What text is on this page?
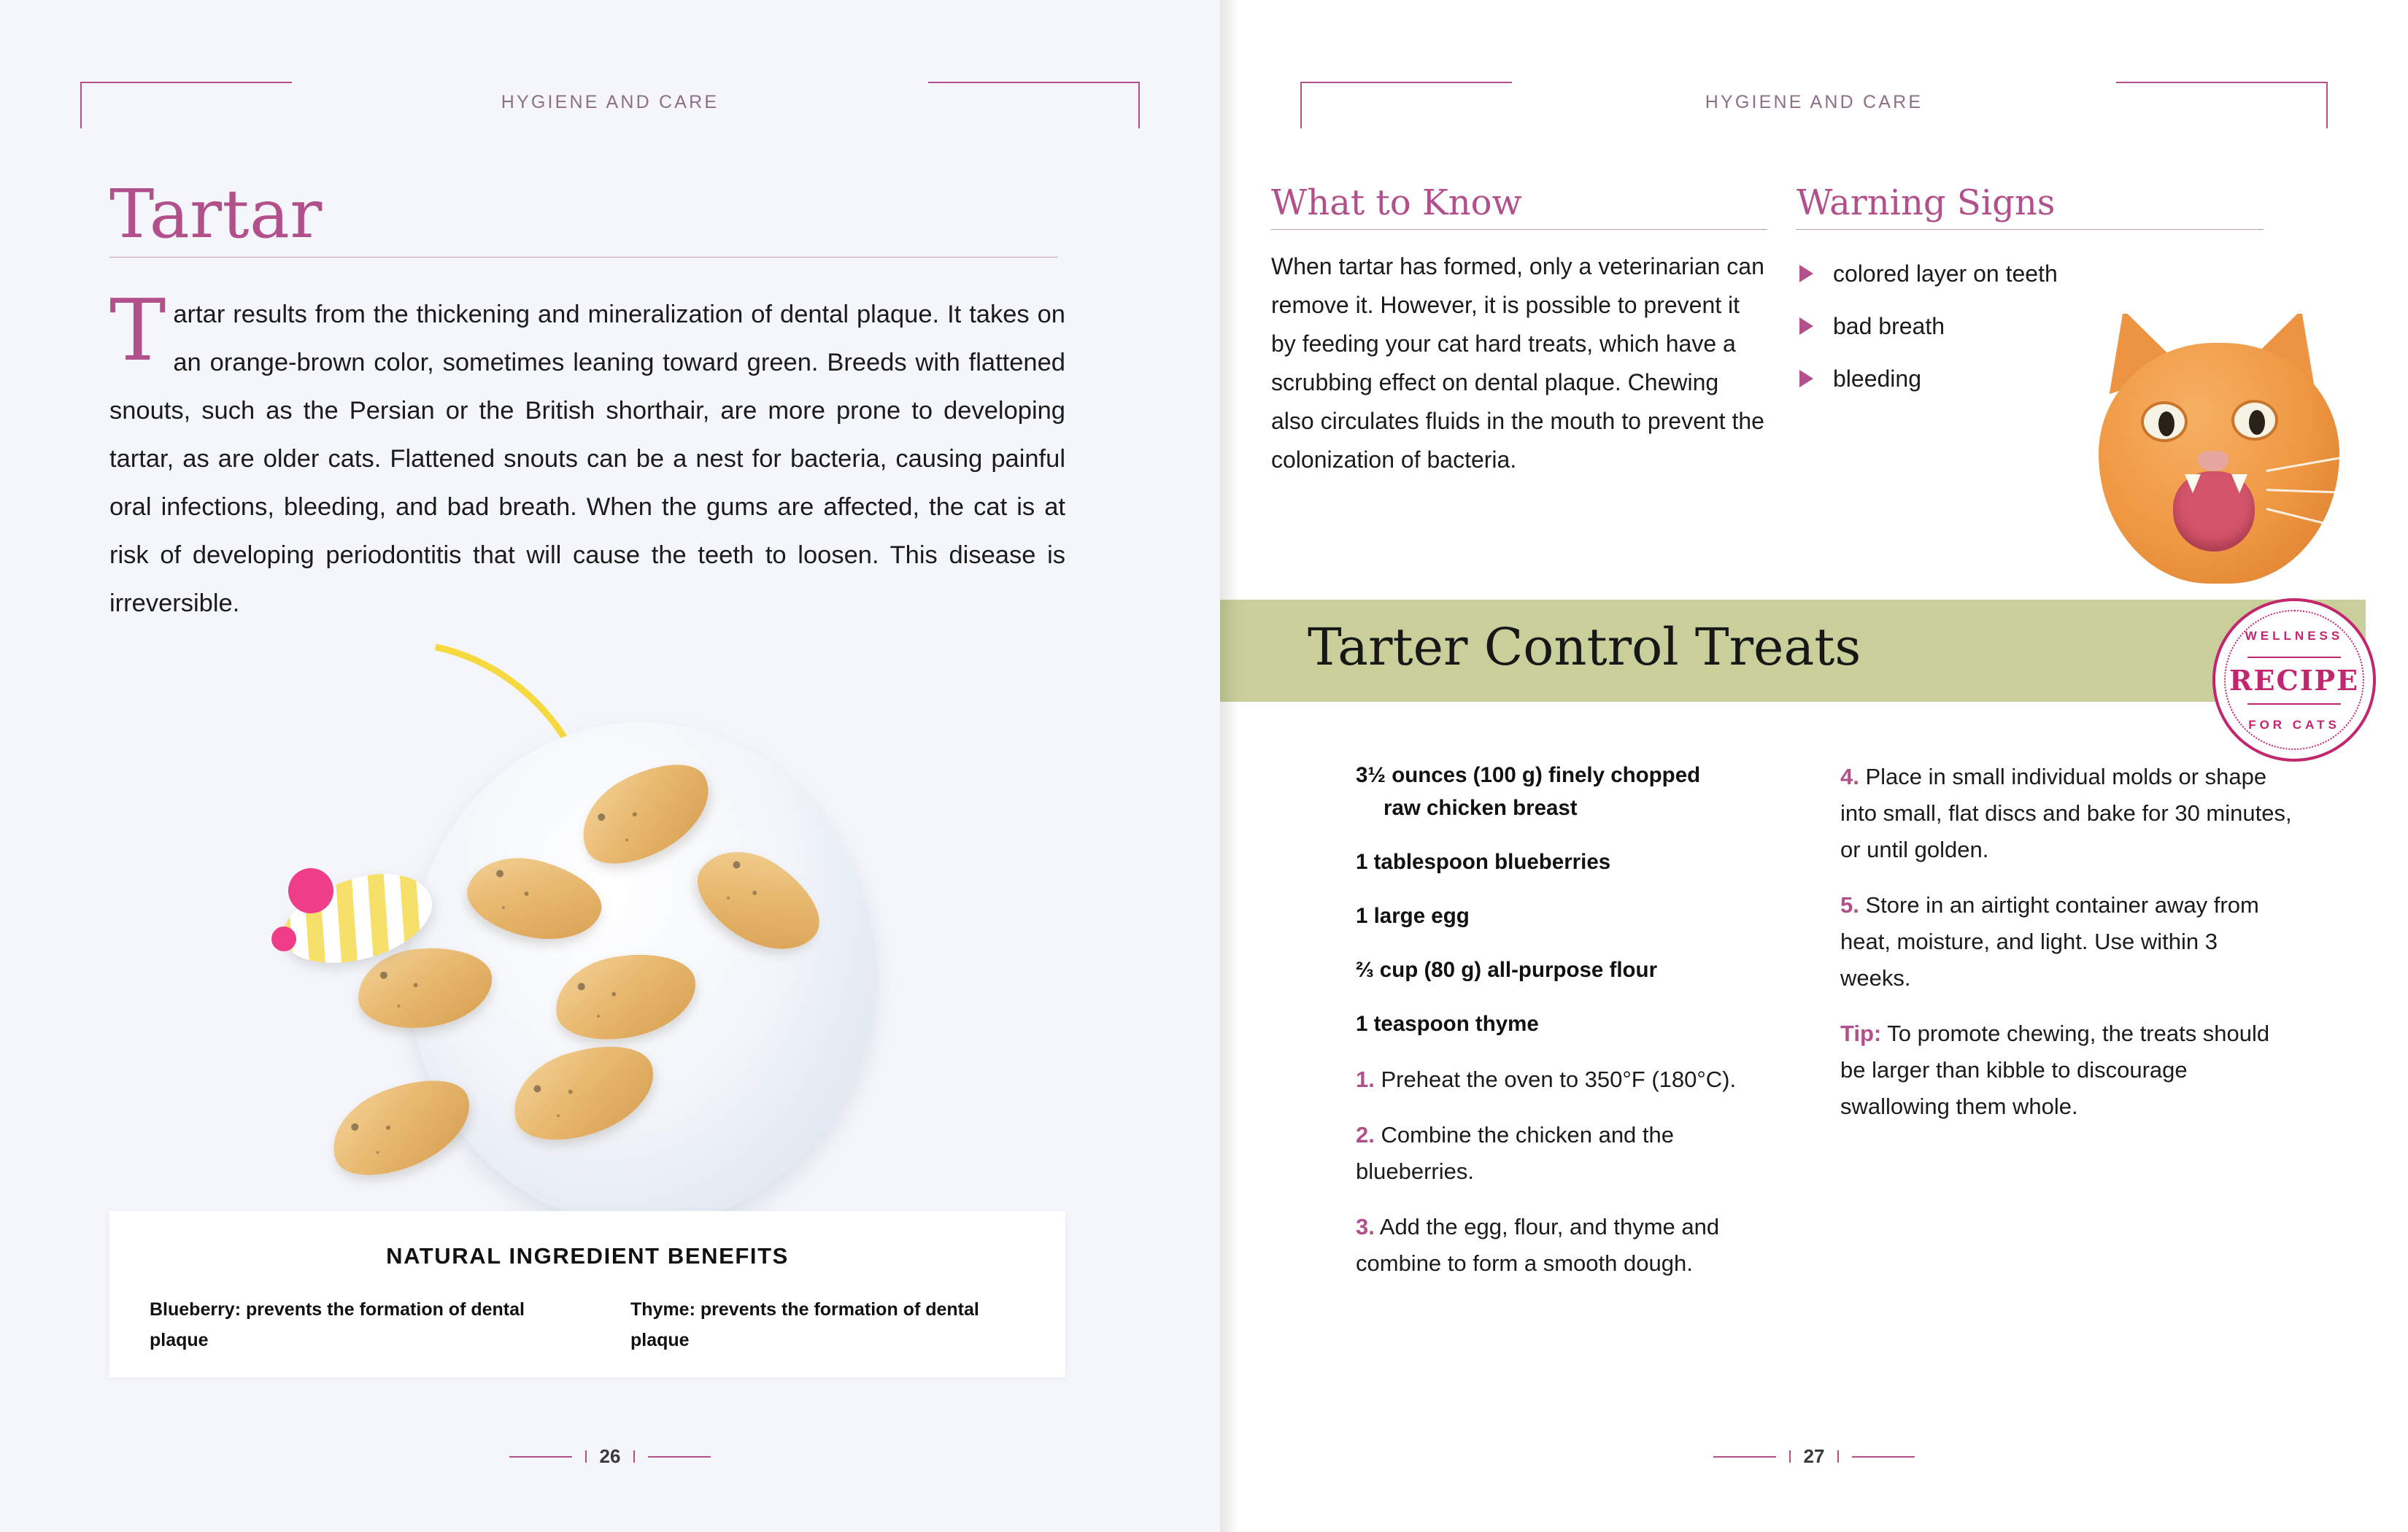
HYGIENE AND CARE
Tartar
Tartar results from the thickening and mineralization of dental plaque. It takes on an orange-brown color, sometimes leaning toward green. Breeds with flattened snouts, such as the Persian or the British shorthair, are more prone to developing tartar, as are older cats. Flattened snouts can be a nest for bacteria, causing painful oral infections, bleeding, and bad breath. When the gums are affected, the cat is at risk of developing periodontitis that will cause the teeth to loosen. This disease is irreversible.
NATURAL INGREDIENT BENEFITS
Blueberry: prevents the formation of dental plaque
Thyme: prevents the formation of dental plaque
26
HYGIENE AND CARE
What to Know
When tartar has formed, only a veterinarian can remove it. However, it is possible to prevent it by feeding your cat hard treats, which have a scrubbing effect on dental plaque. Chewing also circulates fluids in the mouth to prevent the colonization of bacteria.
Warning Signs
colored layer on teeth
bad breath
bleeding
Tarter Control Treats	WELLNESS
RECIPE
FOR CATS
3½ ounces (100 g) finely chopped
raw chicken breast
1 tablespoon blueberries
1 large egg
⅔ cup (80 g) all-purpose flour
1 teaspoon thyme
1. Preheat the oven to 350°F (180°C).
2. Combine the chicken and the blueberries.
3. Add the egg, flour, and thyme and combine to form a smooth dough.
4. Place in small individual molds or shape into small, flat discs and bake for 30 minutes, or until golden.
5. Store in an airtight container away from heat, moisture, and light. Use within 3 weeks.
Tip: To promote chewing, the treats should be larger than kibble to discourage swallowing them whole.
27
